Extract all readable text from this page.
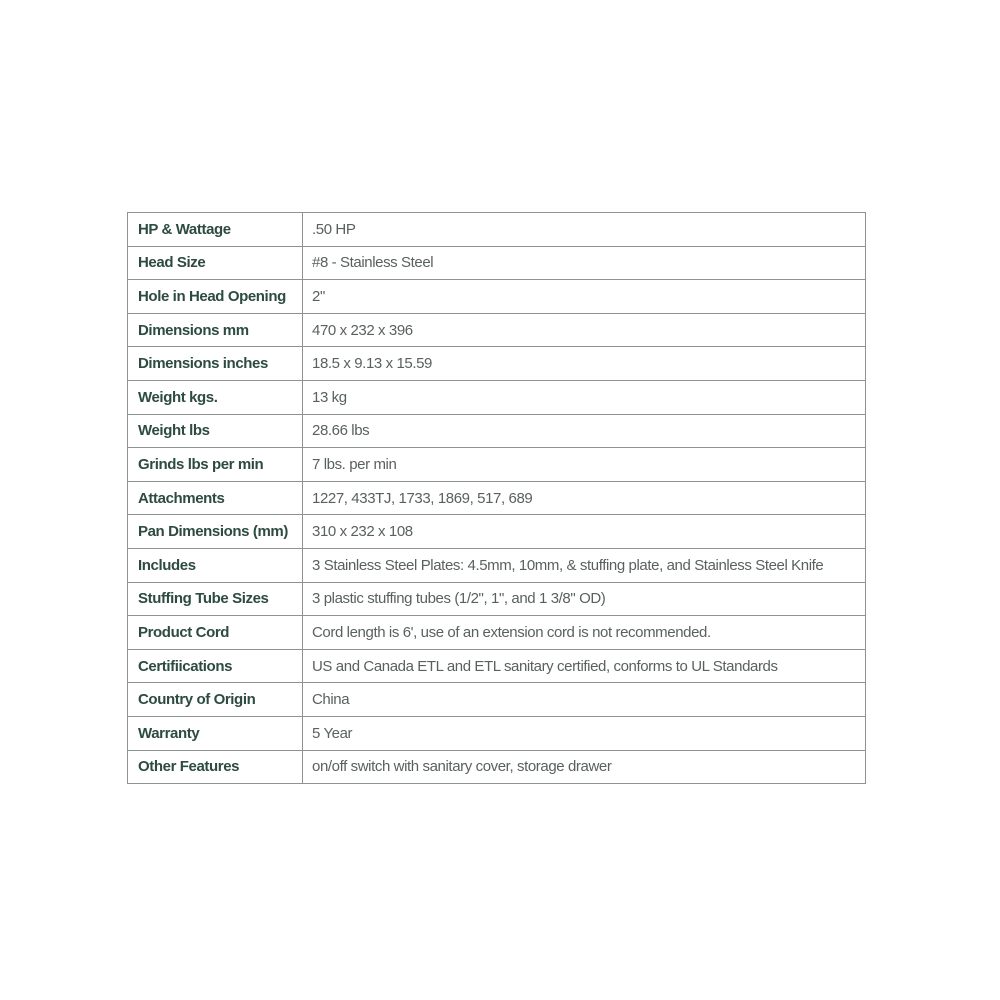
HP & Wattage	.50 HP
Head Size	#8 - Stainless Steel
Hole in Head Opening	2"
Dimensions mm	470 x 232 x 396
Dimensions inches	18.5 x 9.13 x 15.59
Weight kgs.	13 kg
Weight lbs	28.66 lbs
Grinds lbs per min	7 lbs. per min
Attachments	1227, 433TJ, 1733, 1869, 517, 689
Pan Dimensions (mm)	310 x 232 x 108
Includes	3 Stainless Steel Plates: 4.5mm, 10mm, & stuffing plate, and Stainless Steel Knife
Stuffing Tube Sizes	3 plastic stuffing tubes (1/2", 1", and 1 3/8" OD)
Product Cord	Cord length is 6', use of an extension cord is not recommended.
Certifiications	US and Canada ETL and ETL sanitary certified, conforms to UL Standards
Country of Origin	China
Warranty	5 Year
Other Features	on/off switch with sanitary cover, storage drawer
